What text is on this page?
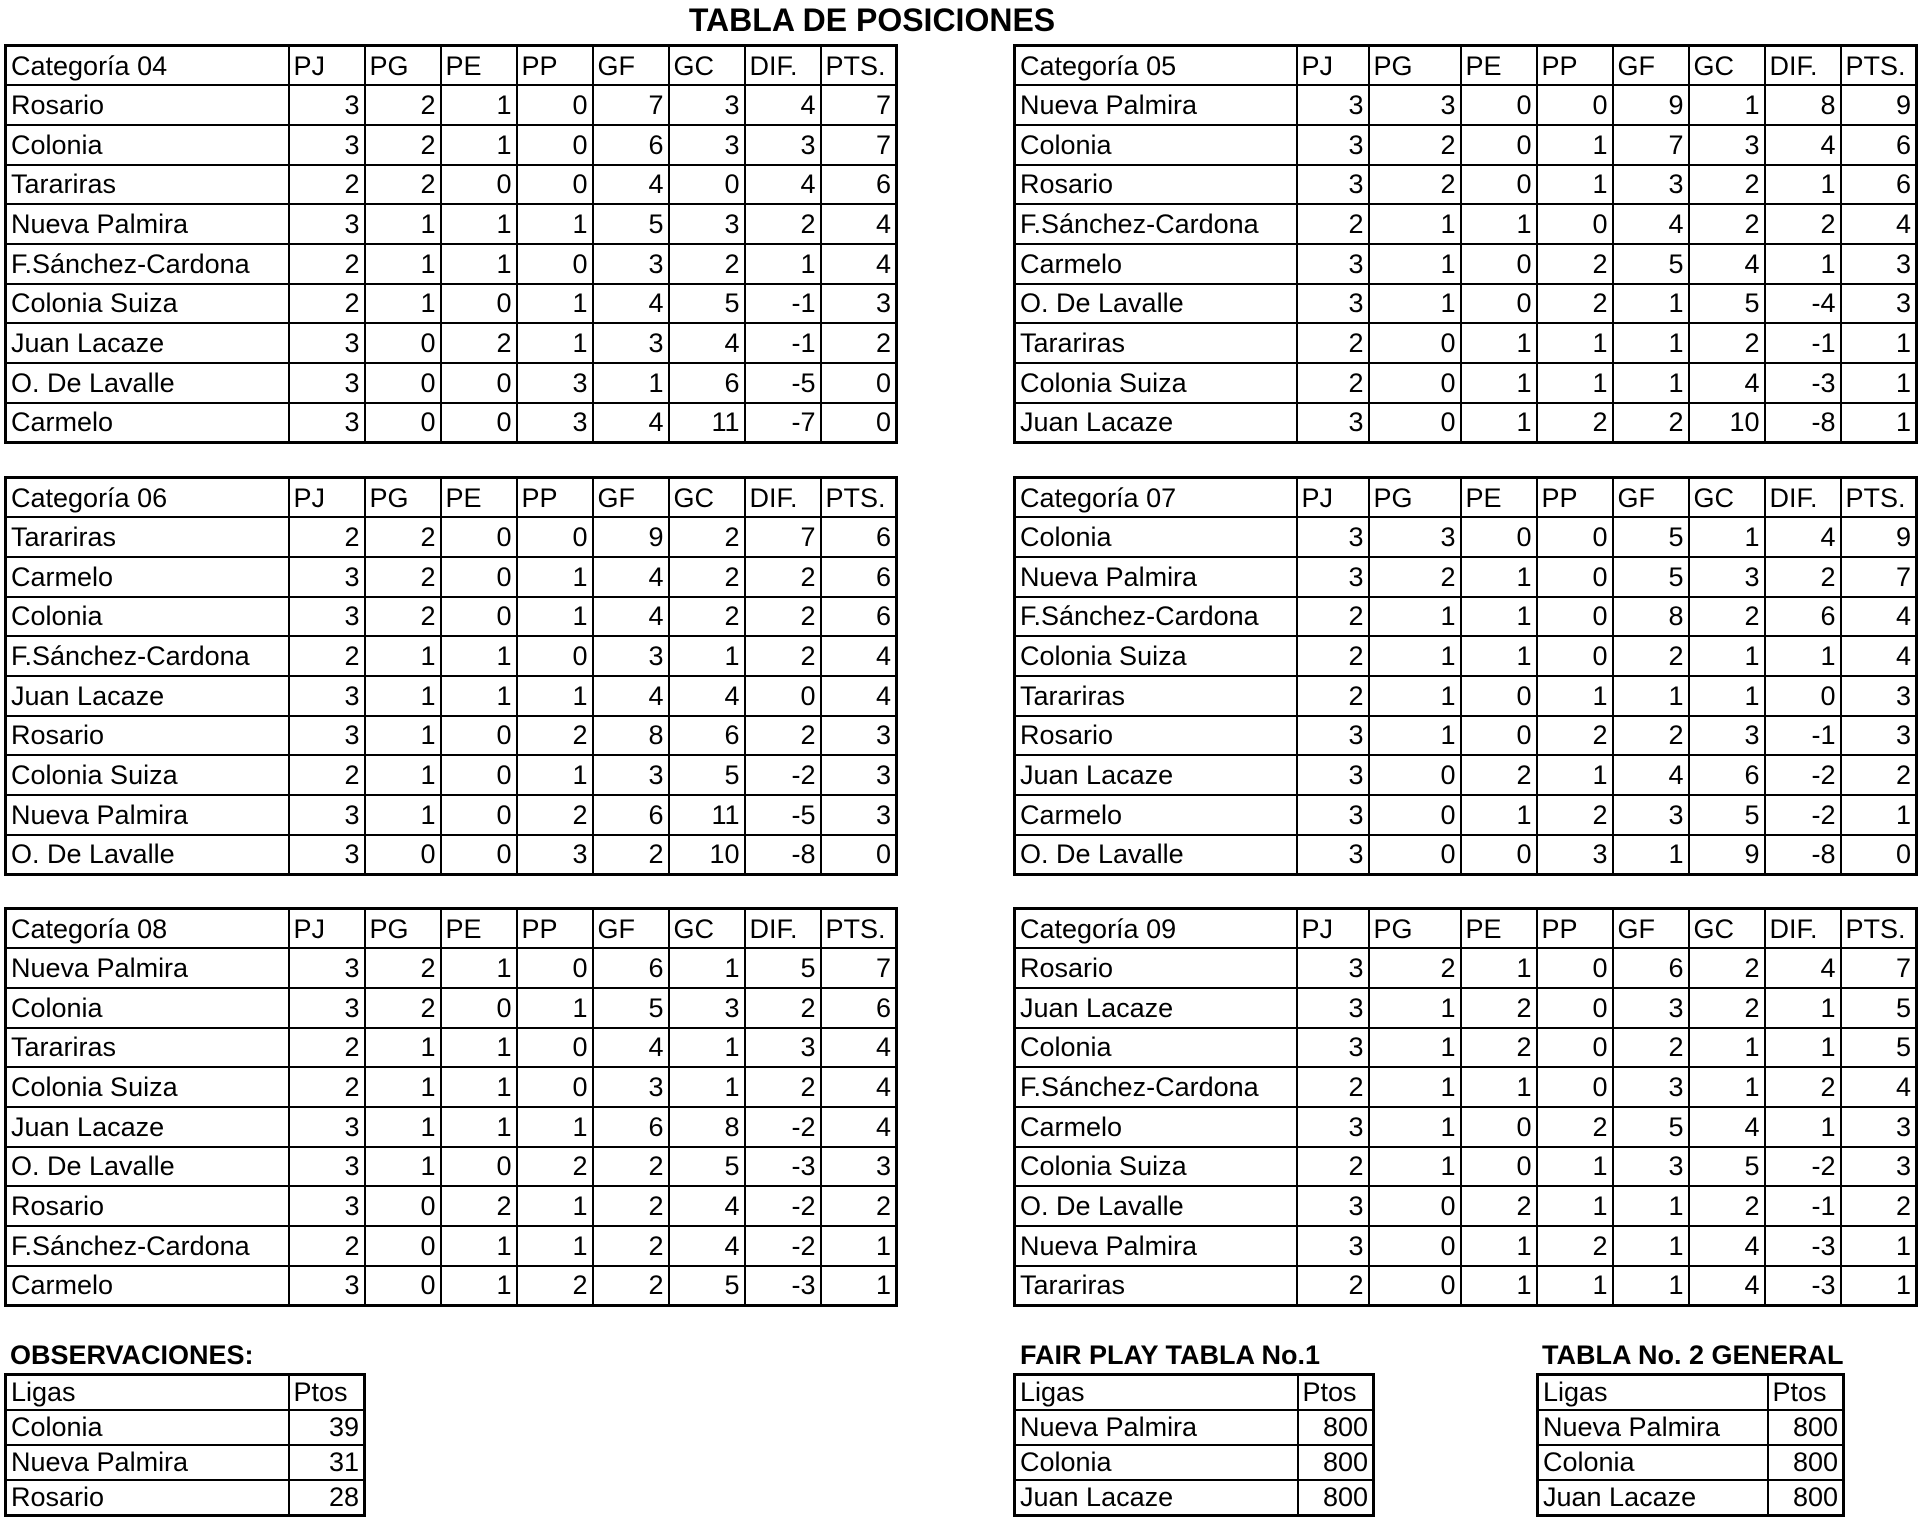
TABLA DE POSICIONES
Categoría 04	PJ	PG	PE	PP	GF	GC	DIF.	PTS.
Rosario	3	2	1	0	7	3	4	7
Colonia	3	2	1	0	6	3	3	7
Tarariras	2	2	0	0	4	0	4	6
Nueva Palmira	3	1	1	1	5	3	2	4
F.Sánchez-Cardona	2	1	1	0	3	2	1	4
Colonia Suiza	2	1	0	1	4	5	-1	3
Juan Lacaze	3	0	2	1	3	4	-1	2
O. De Lavalle	3	0	0	3	1	6	-5	0
Carmelo	3	0	0	3	4	11	-7	0
Categoría 05	PJ	PG	PE	PP	GF	GC	DIF.	PTS.
Nueva Palmira	3	3	0	0	9	1	8	9
Colonia	3	2	0	1	7	3	4	6
Rosario	3	2	0	1	3	2	1	6
F.Sánchez-Cardona	2	1	1	0	4	2	2	4
Carmelo	3	1	0	2	5	4	1	3
O. De Lavalle	3	1	0	2	1	5	-4	3
Tarariras	2	0	1	1	1	2	-1	1
Colonia Suiza	2	0	1	1	1	4	-3	1
Juan Lacaze	3	0	1	2	2	10	-8	1
Categoría 06	PJ	PG	PE	PP	GF	GC	DIF.	PTS.
Tarariras	2	2	0	0	9	2	7	6
Carmelo	3	2	0	1	4	2	2	6
Colonia	3	2	0	1	4	2	2	6
F.Sánchez-Cardona	2	1	1	0	3	1	2	4
Juan Lacaze	3	1	1	1	4	4	0	4
Rosario	3	1	0	2	8	6	2	3
Colonia Suiza	2	1	0	1	3	5	-2	3
Nueva Palmira	3	1	0	2	6	11	-5	3
O. De Lavalle	3	0	0	3	2	10	-8	0
Categoría 07	PJ	PG	PE	PP	GF	GC	DIF.	PTS.
Colonia	3	3	0	0	5	1	4	9
Nueva Palmira	3	2	1	0	5	3	2	7
F.Sánchez-Cardona	2	1	1	0	8	2	6	4
Colonia Suiza	2	1	1	0	2	1	1	4
Tarariras	2	1	0	1	1	1	0	3
Rosario	3	1	0	2	2	3	-1	3
Juan Lacaze	3	0	2	1	4	6	-2	2
Carmelo	3	0	1	2	3	5	-2	1
O. De Lavalle	3	0	0	3	1	9	-8	0
Categoría 08	PJ	PG	PE	PP	GF	GC	DIF.	PTS.
Nueva Palmira	3	2	1	0	6	1	5	7
Colonia	3	2	0	1	5	3	2	6
Tarariras	2	1	1	0	4	1	3	4
Colonia Suiza	2	1	1	0	3	1	2	4
Juan Lacaze	3	1	1	1	6	8	-2	4
O. De Lavalle	3	1	0	2	2	5	-3	3
Rosario	3	0	2	1	2	4	-2	2
F.Sánchez-Cardona	2	0	1	1	2	4	-2	1
Carmelo	3	0	1	2	2	5	-3	1
Categoría 09	PJ	PG	PE	PP	GF	GC	DIF.	PTS.
Rosario	3	2	1	0	6	2	4	7
Juan Lacaze	3	1	2	0	3	2	1	5
Colonia	3	1	2	0	2	1	1	5
F.Sánchez-Cardona	2	1	1	0	3	1	2	4
Carmelo	3	1	0	2	5	4	1	3
Colonia Suiza	2	1	0	1	3	5	-2	3
O. De Lavalle	3	0	2	1	1	2	-1	2
Nueva Palmira	3	0	1	2	1	4	-3	1
Tarariras	2	0	1	1	1	4	-3	1
OBSERVACIONES:	FAIR PLAY TABLA No.1	TABLA No. 2 GENERAL
Ligas	Ptos
Colonia	39
Nueva Palmira	31
Rosario	28
Ligas	Ptos
Nueva Palmira	800
Colonia	800
Juan Lacaze	800
Ligas	Ptos
Nueva Palmira	800
Colonia	800
Juan Lacaze	800
